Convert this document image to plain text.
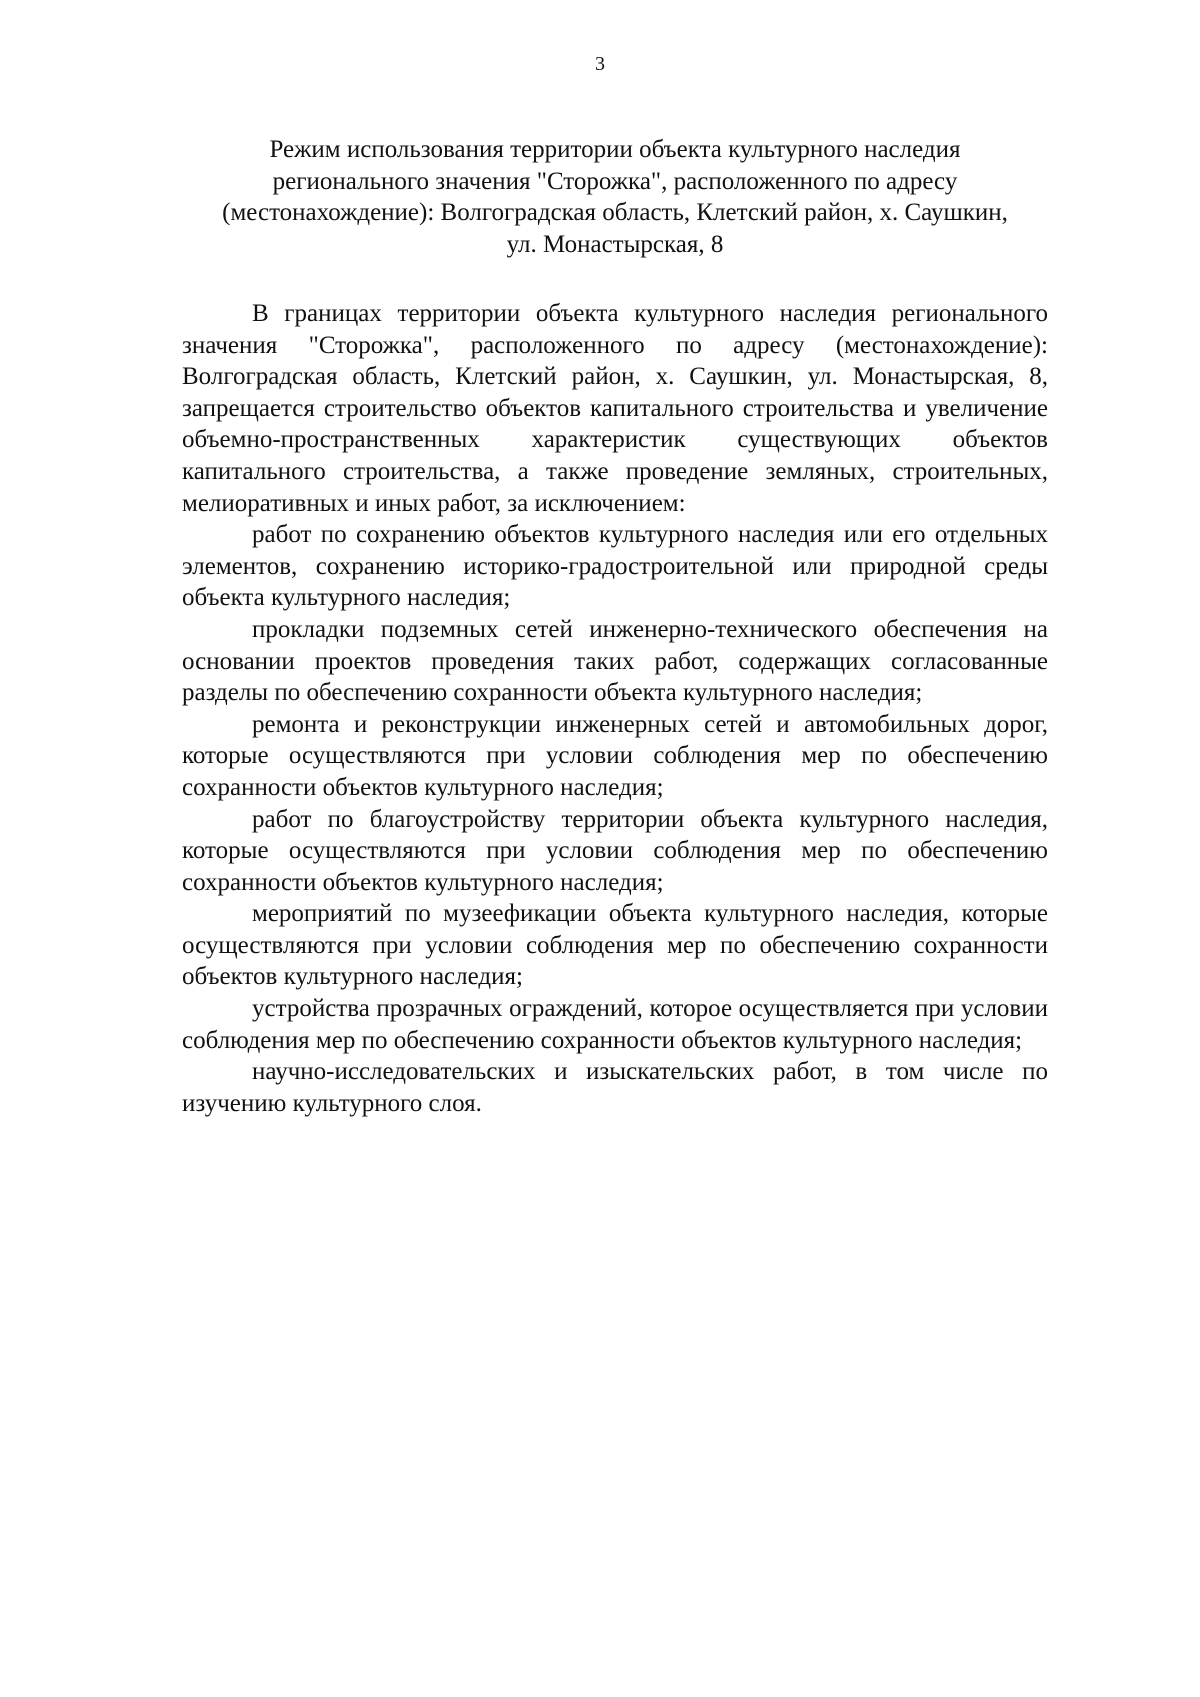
3
Режим использования территории объекта культурного наследия
регионального значения "Сторожка", расположенного по адресу
(местонахождение): Волгоградская область, Клетский район, х. Саушкин,
ул. Монастырская, 8

В границах территории объекта культурного наследия регионального значения "Сторожка", расположенного по адресу (местонахождение): Волгоградская область, Клетский район, х. Саушкин, ул. Монастырская, 8, запрещается строительство объектов капитального строительства и увеличение объемно-пространственных характеристик существующих объектов капитального строительства, а также проведение земляных, строительных, мелиоративных и иных работ, за исключением:

работ по сохранению объектов культурного наследия или его отдельных элементов, сохранению историко-градостроительной или природной среды объекта культурного наследия;

прокладки подземных сетей инженерно-технического обеспечения на основании проектов проведения таких работ, содержащих согласованные разделы по обеспечению сохранности объекта культурного наследия;

ремонта и реконструкции инженерных сетей и автомобильных дорог, которые осуществляются при условии соблюдения мер по обеспечению сохранности объектов культурного наследия;

работ по благоустройству территории объекта культурного наследия, которые осуществляются при условии соблюдения мер по обеспечению сохранности объектов культурного наследия;

мероприятий по музеефикации объекта культурного наследия, которые осуществляются при условии соблюдения мер по обеспечению сохранности объектов культурного наследия;

устройства прозрачных ограждений, которое осуществляется при условии соблюдения мер по обеспечению сохранности объектов культурного наследия;

научно-исследовательских и изыскательских работ, в том числе по изучению культурного слоя.
